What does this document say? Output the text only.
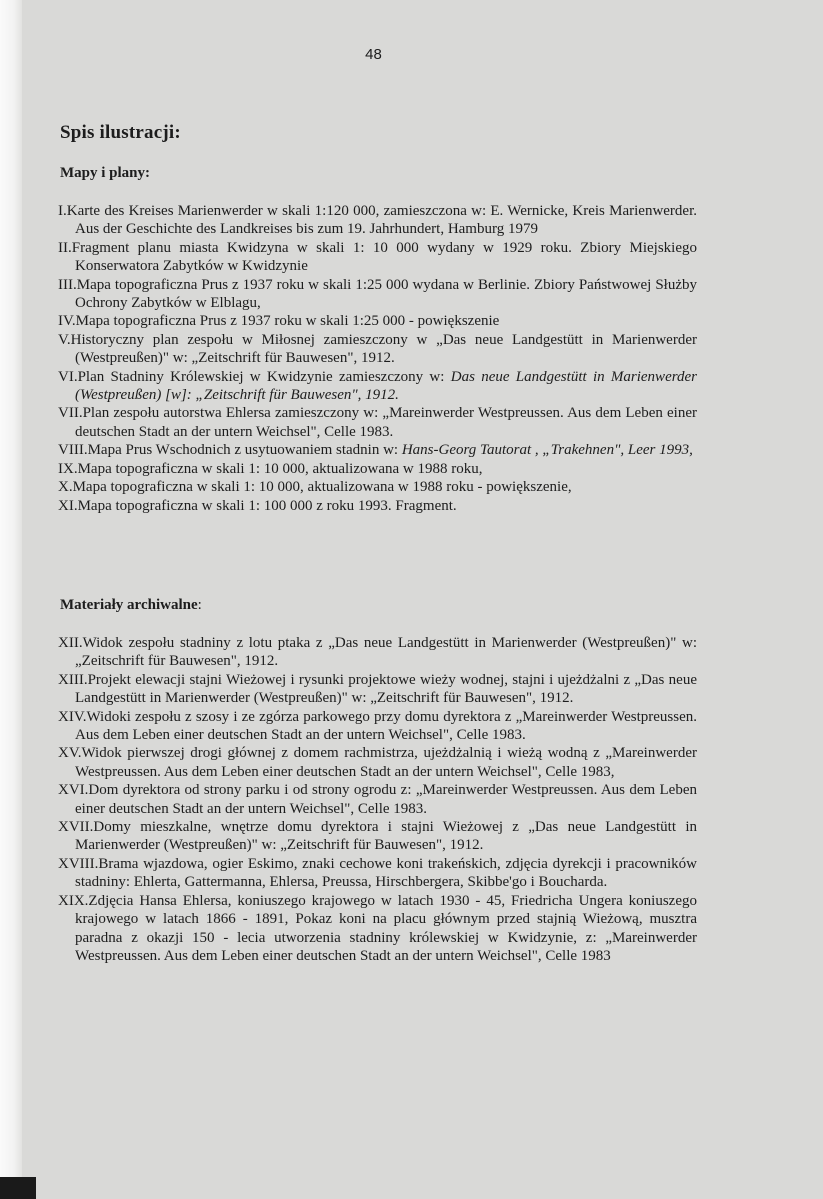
48
Spis ilustracji:
Mapy i plany:
I.Karte des Kreises Marienwerder w skali 1:120 000, zamieszczona w: E. Wernicke, Kreis Marienwerder. Aus der Geschichte des Landkreises bis zum 19. Jahrhundert, Hamburg 1979
II.Fragment planu miasta Kwidzyna w skali 1: 10 000 wydany w 1929 roku. Zbiory Miejskiego Konserwatora Zabytków w Kwidzynie
III.Mapa topograficzna Prus z 1937 roku w skali 1:25 000 wydana w Berlinie. Zbiory Państwowej Służby Ochrony Zabytków w Elblagu,
IV.Mapa topograficzna Prus z 1937 roku w skali 1:25 000 - powiększenie
V.Historyczny plan zespołu w Miłosnej zamieszczony w „Das neue Landgestütt in Marienwerder (Westpreußen)" w: „Zeitschrift für Bauwesen", 1912.
VI.Plan Stadniny Królewskiej w Kwidzynie zamieszczony w: Das neue Landgestütt in Marienwerder (Westpreußen) [w]: „Zeitschrift für Bauwesen", 1912.
VII.Plan zespołu autorstwa Ehlersa zamieszczony w: „Mareinwerder Westpreussen. Aus dem Leben einer deutschen Stadt an der untern Weichsel", Celle 1983.
VIII.Mapa Prus Wschodnich z usytuowaniem stadnin w: Hans-Georg Tautorat , „Trakehnen", Leer 1993,
IX.Mapa topograficzna w skali 1: 10 000, aktualizowana w 1988 roku,
X.Mapa topograficzna w skali 1: 10 000, aktualizowana w 1988 roku - powiększenie,
XI.Mapa topograficzna w skali 1: 100 000 z roku 1993. Fragment.
Materiały archiwalne:
XII.Widok zespołu stadniny z lotu ptaka z „Das neue Landgestütt in Marienwerder (Westpreußen)" w: „Zeitschrift für Bauwesen", 1912.
XIII.Projekt elewacji stajni Wieżowej i rysunki projektowe wieży wodnej, stajni i ujeżdżalni z „Das neue Landgestütt in Marienwerder (Westpreußen)" w: „Zeitschrift für Bauwesen", 1912.
XIV.Widoki zespołu z szosy i ze zgórza parkowego przy domu dyrektora z „Mareinwerder Westpreussen. Aus dem Leben einer deutschen Stadt an der untern Weichsel", Celle 1983.
XV.Widok pierwszej drogi głównej z domem rachmistrza, ujeżdżalnią i wieżą wodną z „Mareinwerder Westpreussen. Aus dem Leben einer deutschen Stadt an der untern Weichsel", Celle 1983,
XVI.Dom dyrektora od strony parku i od strony ogrodu z: „Mareinwerder Westpreussen. Aus dem Leben einer deutschen Stadt an der untern Weichsel", Celle 1983.
XVII.Domy mieszkalne, wnętrze domu dyrektora i stajni Wieżowej z „Das neue Landgestütt in Marienwerder (Westpreußen)" w: „Zeitschrift für Bauwesen", 1912.
XVIII.Brama wjazdowa, ogier Eskimo, znaki cechowe koni trakeńskich, zdjęcia dyrekcji i pracowników stadniny: Ehlerta, Gattermanna, Ehlersa, Preussa, Hirschbergera, Skibbe'go i Boucharda.
XIX.Zdjęcia Hansa Ehlersa, koniuszego krajowego w latach 1930 - 45, Friedricha Ungera koniuszego krajowego w latach 1866 - 1891, Pokaz koni na placu głównym przed stajnią Wieżową, musztra paradna z okazji 150 - lecia utworzenia stadniny królewskiej w Kwidzynie, z: „Mareinwerder Westpreussen. Aus dem Leben einer deutschen Stadt an der untern Weichsel", Celle 1983
